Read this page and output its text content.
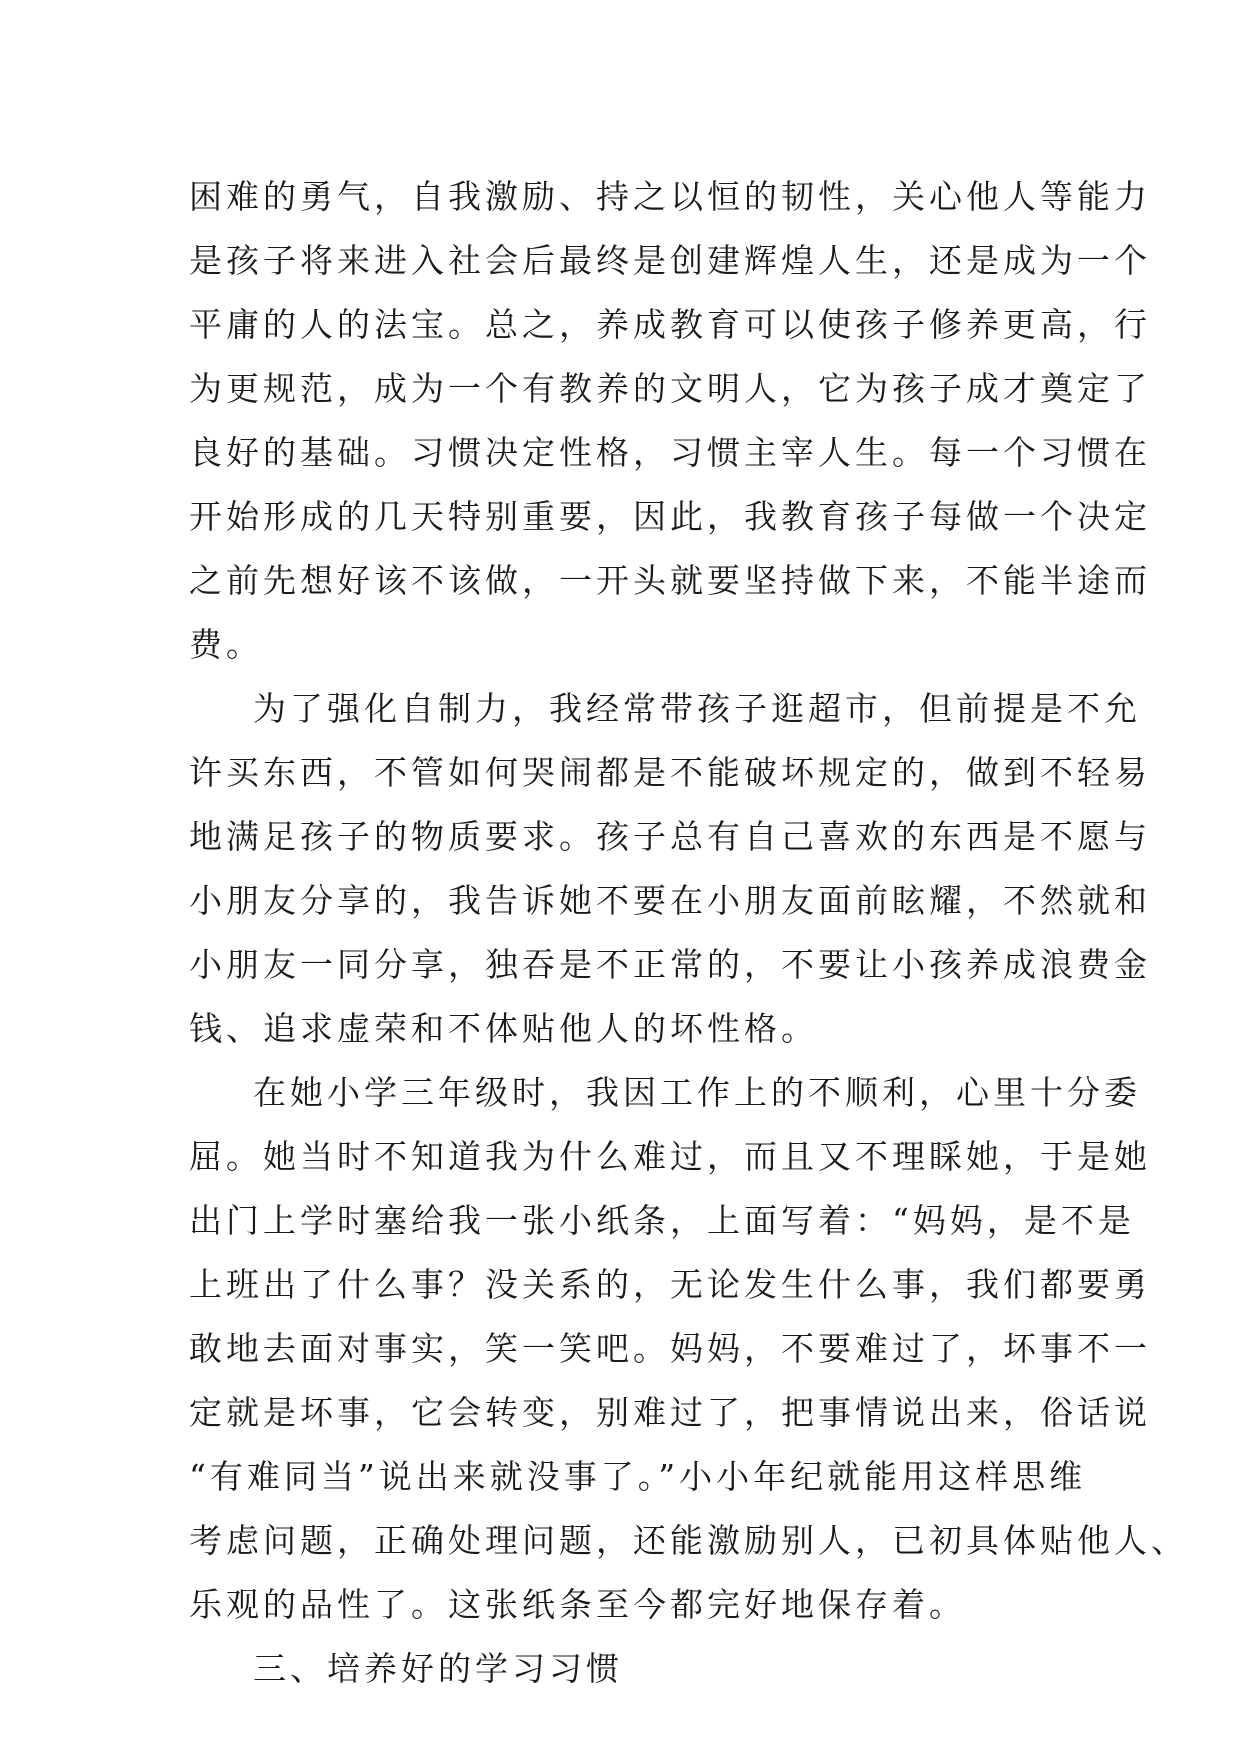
困难的勇气，自我激励、持之以恒的韧性，关心他人等能力
是孩子将来进入社会后最终是创建辉煌人生，还是成为一个
平庸的人的法宝。总之，养成教育可以使孩子修养更高，行
为更规范，成为一个有教养的文明人，它为孩子成才奠定了
良好的基础。习惯决定性格，习惯主宰人生。每一个习惯在
开始形成的几天特别重要，因此，我教育孩子每做一个决定
之前先想好该不该做，一开头就要坚持做下来，不能半途而
费。
为了强化自制力，我经常带孩子逛超市，但前提是不允
许买东西，不管如何哭闹都是不能破坏规定的，做到不轻易
地满足孩子的物质要求。孩子总有自己喜欢的东西是不愿与
小朋友分享的，我告诉她不要在小朋友面前眩耀，不然就和
小朋友一同分享，独吞是不正常的，不要让小孩养成浪费金
钱、追求虚荣和不体贴他人的坏性格。
在她小学三年级时，我因工作上的不顺利，心里十分委
屈。她当时不知道我为什么难过，而且又不理睬她，于是她
出门上学时塞给我一张小纸条，上面写着：“妈妈，是不是
上班出了什么事？没关系的，无论发生什么事，我们都要勇
敢地去面对事实，笑一笑吧。妈妈，不要难过了，坏事不一
定就是坏事，它会转变，别难过了，把事情说出来，俗话说
“有难同当”说出来就没事了。”小小年纪就能用这样思维
考虑问题，正确处理问题，还能激励别人，已初具体贴他人、
乐观的品性了。这张纸条至今都完好地保存着。
三、培养好的学习习惯
